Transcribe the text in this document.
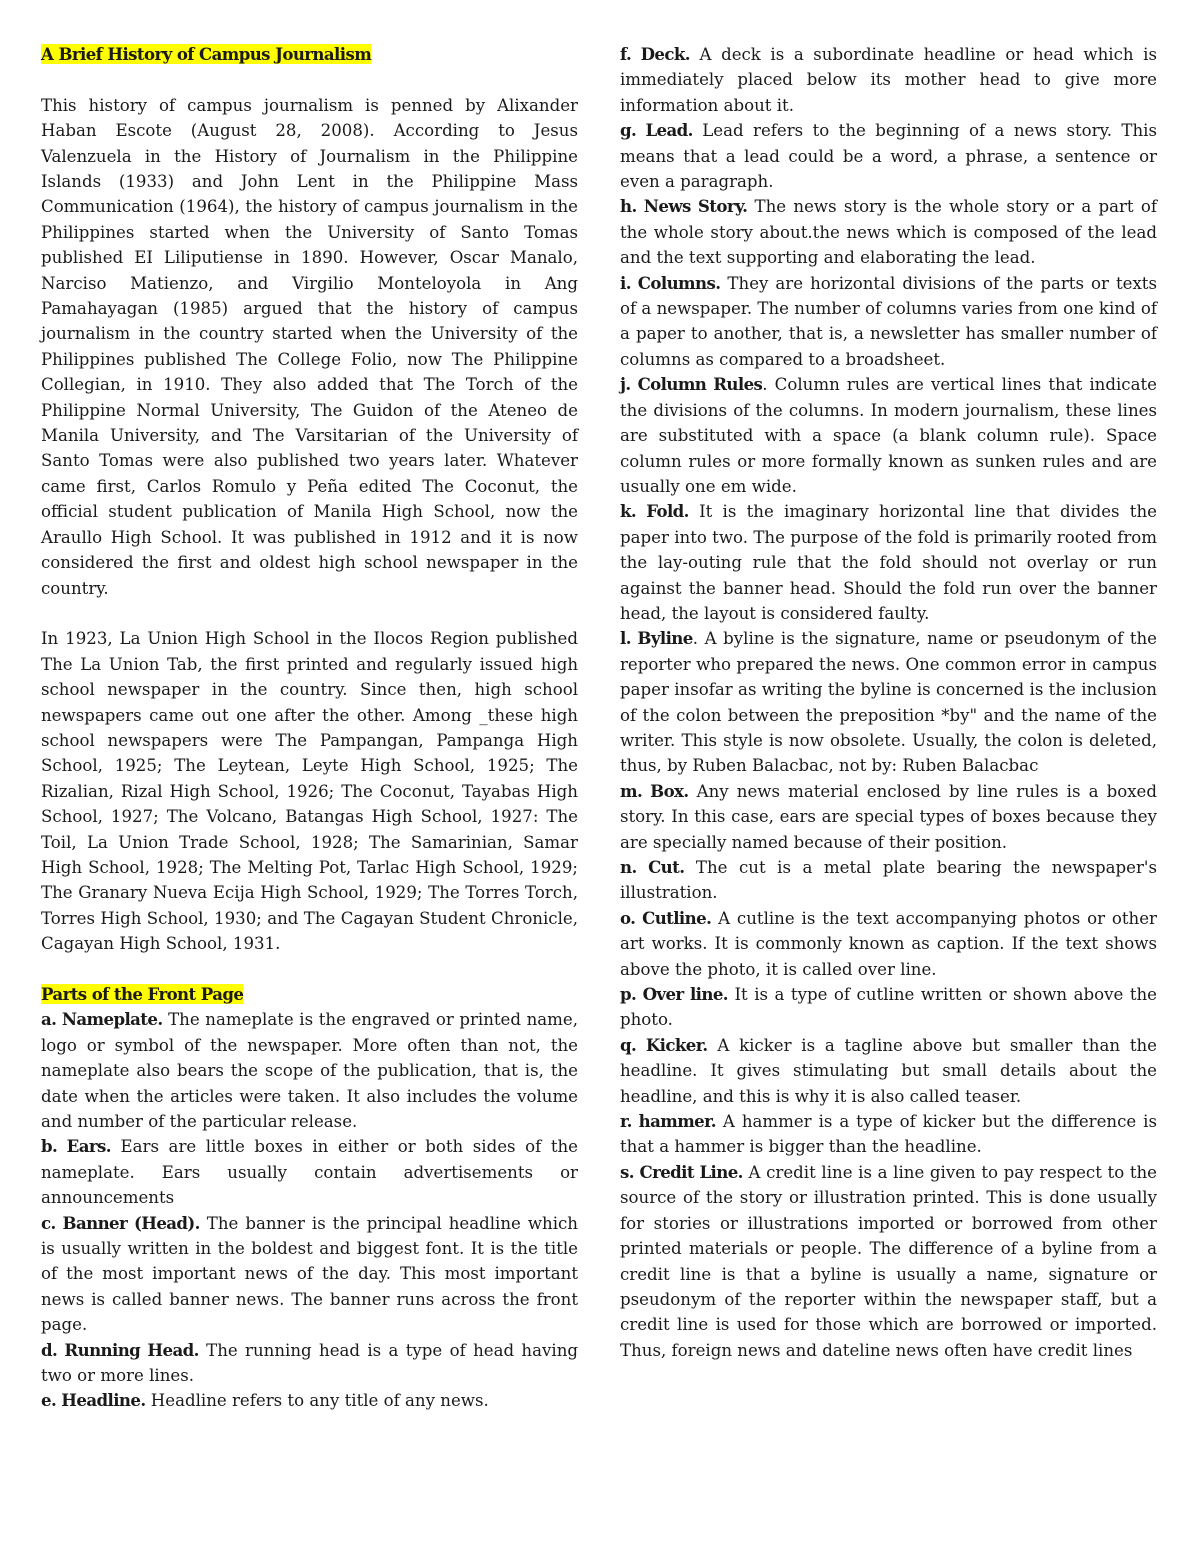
A Brief History of Campus Journalism

This history of campus journalism is penned by Alixander Haban Escote (August 28, 2008). According to Jesus Valenzuela in the History of Journalism in the Philippine Islands (1933) and John Lent in the Philippine Mass Communication (1964), the history of campus journalism in the Philippines started when the University of Santo Tomas published EI Liliputiense in 1890. However, Oscar Manalo, Narciso Matienzo, and Virgilio Monteloyola in Ang Pamahayagan (1985) argued that the history of campus journalism in the country started when the University of the Philippines published The College Folio, now The Philippine Collegian, in 1910. They also added that The Torch of the Philippine Normal University, The Guidon of the Ateneo de Manila University, and The Varsitarian of the University of Santo Tomas were also published two years later. Whatever came first, Carlos Romulo y Peña edited The Coconut, the official student publication of Manila High School, now the Araullo High School. It was published in 1912 and it is now considered the first and oldest high school newspaper in the country.

In 1923, La Union High School in the Ilocos Region published The La Union Tab, the first printed and regularly issued high school newspaper in the country. Since then, high school newspapers came out one after the other. Among _these high school newspapers were The Pampangan, Pampanga High School, 1925; The Leytean, Leyte High School, 1925; The Rizalian, Rizal High School, 1926; The Coconut, Tayabas High School, 1927; The Volcano, Batangas High School, 1927: The Toil, La Union Trade School, 1928; The Samarinian, Samar High School, 1928; The Melting Pot, Tarlac High School, 1929; The Granary Nueva Ecija High School, 1929; The Torres Torch, Torres High School, 1930; and The Cagayan Student Chronicle, Cagayan High School, 1931.

Parts of the Front Page

a. Nameplate. The nameplate is the engraved or printed name, logo or symbol of the newspaper. More often than not, the nameplate also bears the scope of the publication, that is, the date when the articles were taken. It also includes the volume and number of the particular release.

b. Ears. Ears are little boxes in either or both sides of the nameplate. Ears usually contain advertisements or announcements

c. Banner (Head). The banner is the principal headline which is usually written in the boldest and biggest font. It is the title of the most important news of the day. This most important news is called banner news. The banner runs across the front page.

d. Running Head. The running head is a type of head having two or more lines.

e. Headline. Headline refers to any title of any news.

f. Deck. A deck is a subordinate headline or head which is immediately placed below its mother head to give more information about it.

g. Lead. Lead refers to the beginning of a news story. This means that a lead could be a word, a phrase, a sentence or even a paragraph.

h. News Story. The news story is the whole story or a part of the whole story about.the news which is composed of the lead and the text supporting and elaborating the lead.

i. Columns. They are horizontal divisions of the parts or texts of a newspaper. The number of columns varies from one kind of a paper to another, that is, a newsletter has smaller number of columns as compared to a broadsheet.

j. Column Rules. Column rules are vertical lines that indicate the divisions of the columns. In modern journalism, these lines are substituted with a space (a blank column rule). Space column rules or more formally known as sunken rules and are usually one em wide.

k. Fold. It is the imaginary horizontal line that divides the paper into two. The purpose of the fold is primarily rooted from the lay-outing rule that the fold should not overlay or run against the banner head. Should the fold run over the banner head, the layout is considered faulty.

l. Byline. A byline is the signature, name or pseudonym of the reporter who prepared the news. One common error in campus paper insofar as writing the byline is concerned is the inclusion of the colon between the preposition *by" and the name of the writer. This style is now obsolete. Usually, the colon is deleted, thus, by Ruben Balacbac, not by: Ruben Balacbac

m. Box. Any news material enclosed by line rules is a boxed story. In this case, ears are special types of boxes because they are specially named because of their position.

n. Cut. The cut is a metal plate bearing the newspaper's illustration.

o. Cutline. A cutline is the text accompanying photos or other art works. It is commonly known as caption. If the text shows above the photo, it is called over line.

p. Over line. It is a type of cutline written or shown above the photo.

q. Kicker. A kicker is a tagline above but smaller than the headline. It gives stimulating but small details about the headline, and this is why it is also called teaser.

r. hammer. A hammer is a type of kicker but the difference is that a hammer is bigger than the headline.

s. Credit Line. A credit line is a line given to pay respect to the source of the story or illustration printed. This is done usually for stories or illustrations imported or borrowed from other printed materials or people. The difference of a byline from a credit line is that a byline is usually a name, signature or pseudonym of the reporter within the newspaper staff, but a credit line is used for those which are borrowed or imported. Thus, foreign news and dateline news often have credit lines
